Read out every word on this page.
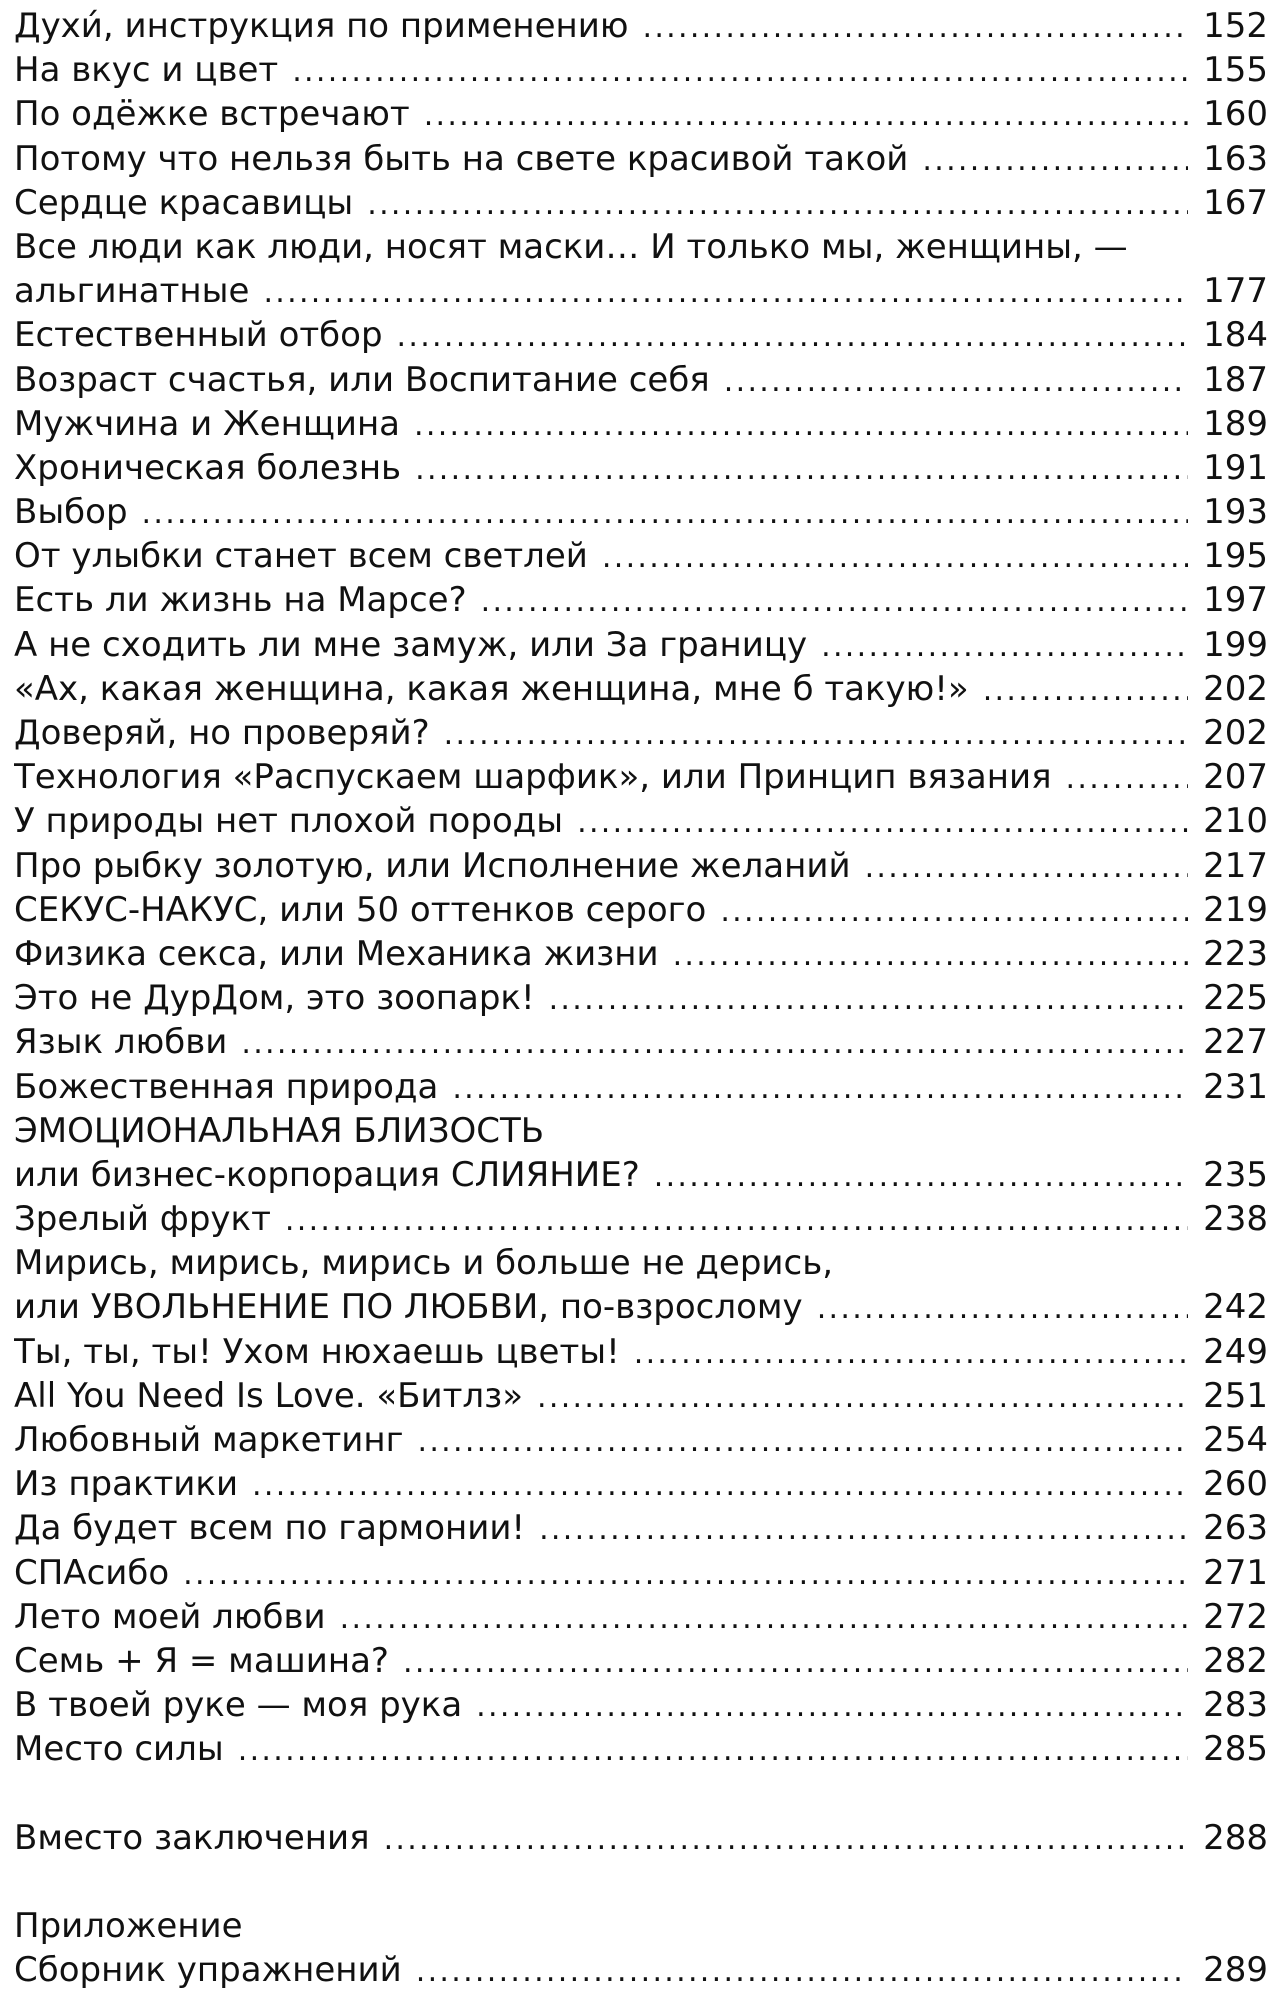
Духи́, инструкция по применению .....	152
На вкус и цвет .....	155
По одёжке встречают .....	160
Потому что нельзя быть на свете красивой такой .....	163
Сердце красавицы .....	167
Все люди как люди, носят маски… И только мы, женщины, —
альгинатные .....	177
Естественный отбор .....	184
Возраст счастья, или Воспитание себя .....	187
Мужчина и Женщина .....	189
Хроническая болезнь .....	191
Выбор .....	193
От улыбки станет всем светлей .....	195
Есть ли жизнь на Марсе? .....	197
А не сходить ли мне замуж, или За границу .....	199
«Ах, какая женщина, какая женщина, мне б такую!» .....	202
Доверяй, но проверяй? .....	202
Технология «Распускаем шарфик», или Принцип вязания .....	207
У природы нет плохой породы .....	210
Про рыбку золотую, или Исполнение желаний .....	217
СЕКУС-НАКУС, или 50 оттенков серого .....	219
Физика секса, или Механика жизни .....	223
Это не ДурДом, это зоопарк! .....	225
Язык любви .....	227
Божественная природа .....	231
ЭМОЦИОНАЛЬНАЯ БЛИЗОСТЬ
или бизнес-корпорация СЛИЯНИЕ? .....	235
Зрелый фрукт .....	238
Мирись, мирись, мирись и больше не дерись,
или УВОЛЬНЕНИЕ ПО ЛЮБВИ, по-взрослому .....	242
Ты, ты, ты! Ухом нюхаешь цветы! .....	249
All You Need Is Love. «Битлз» .....	251
Любовный маркетинг .....	254
Из практики .....	260
Да будет всем по гармонии! .....	263
СПАсибо .....	271
Лето моей любви .....	272
Семь + Я = машина? .....	282
В твоей руке — моя рука .....	283
Место силы .....	285
Вместо заключения .....	288
Приложение
Сборник упражнений .....	289
